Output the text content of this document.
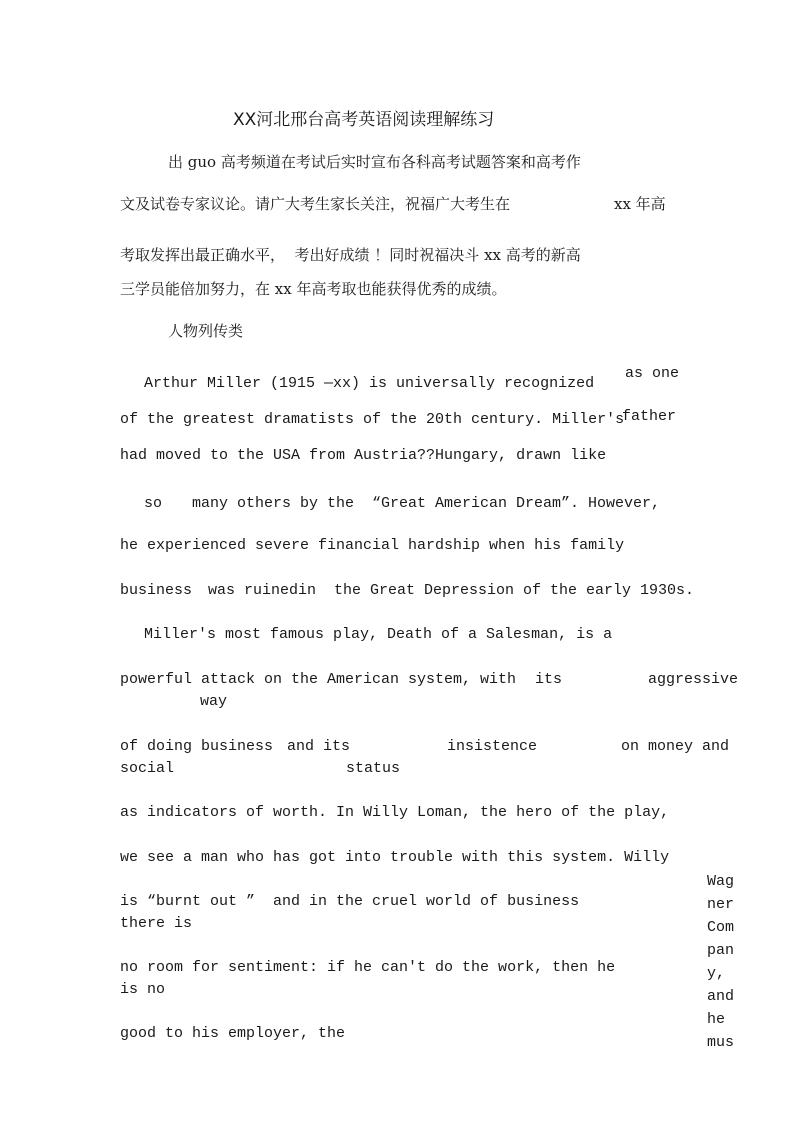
XX河北邢台高考英语阅读理解练习
出 guo 高考频道在考试后实时宣布各科高考试题答案和高考作
文及试卷专家议论。请广大考生家长关注，祝福广大考生在	xx 年高
考取发挥出最正确水平，  考出好成绩 ！同时祝福决斗 xx 高考的新高
三学员能倍加努力，在 xx 年高考取也能获得优秀的成绩。
人物列传类
Arthur Miller (1915 —xx) is universally recognized
as one
of the greatest dramatists of the 20th century. Miller's
father
had moved to the USA from Austria??Hungary, drawn like
so many others by the “Great American Dream”. However,
he experienced severe financial hardship when his family
business was ruinedin the Great Depression of the early 1930s.
Miller's most famous play, Death of a Salesman, is a
powerful attack on the American system, with its	aggressive
way
of doing business and its	insistence	on money and
social	status
as indicators of worth. In Willy Loman, the hero of the play,
we see a man who has got into trouble with this system. Willy
is “burnt out ”  and in the cruel world of business
there is
no room for sentiment: if he can't do the work, then he
is no
good to his employer, the
Wag
ner
Com
pan
y,
and
he
mus
